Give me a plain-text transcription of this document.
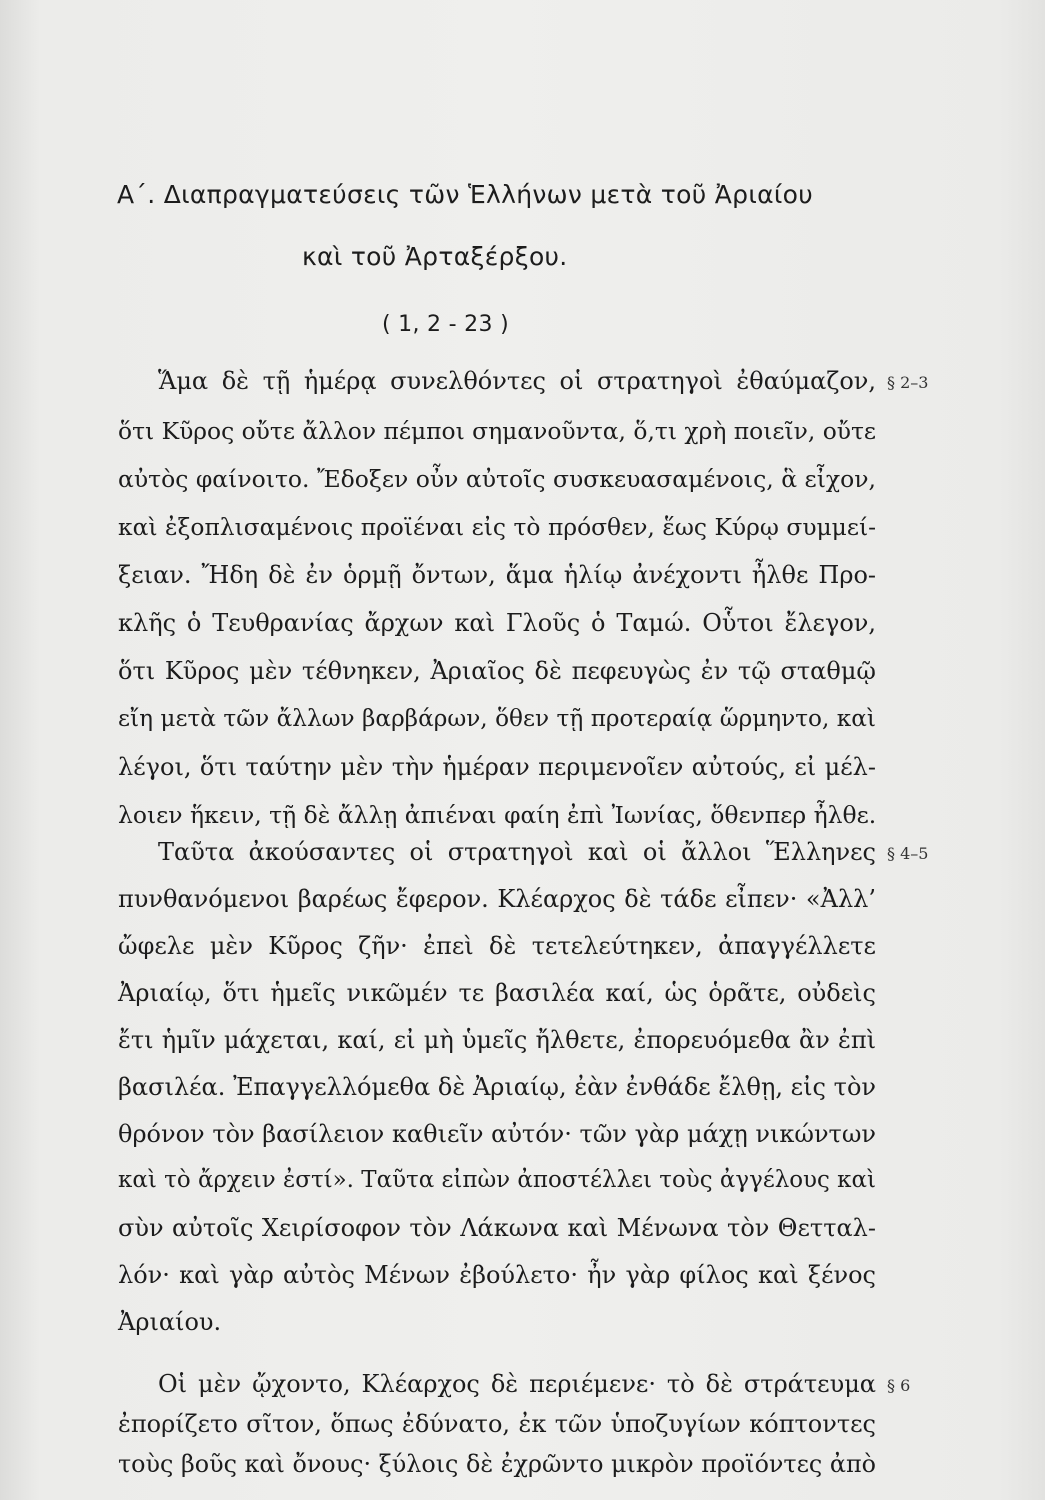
Α΄. Διαπραγματεύσεις τῶν Ἑλλήνων μετὰ τοῦ Ἀριαίου
καὶ τοῦ Ἀρταξέρξου.
( 1, 2 - 23 )
Ἅμα δὲ τῇ ἡμέρᾳ συνελθόντες οἱ στρατηγοὶ ἐθαύμαζον,
ὅτι Κῦρος οὔτε ἄλλον πέμποι σημανοῦντα, ὅ,τι χρὴ ποιεῖν, οὔτε
αὐτὸς φαίνοιτο. Ἔδοξεν οὖν αὐτοῖς συσκευασαμένοις, ἃ εἶχον,
καὶ ἐξοπλισαμένοις προϊέναι εἰς τὸ πρόσθεν, ἕως Κύρῳ συμμεί-
ξειαν. Ἤδη δὲ ἐν ὁρμῇ ὄντων, ἅμα ἡλίῳ ἀνέχοντι ἦλθε Προ-
κλῆς ὁ Τευθρανίας ἄρχων καὶ Γλοῦς ὁ Ταμώ. Οὗτοι ἔλεγον,
ὅτι Κῦρος μὲν τέθνηκεν, Ἀριαῖος δὲ πεφευγὼς ἐν τῷ σταθμῷ
εἴη μετὰ τῶν ἄλλων βαρβάρων, ὅθεν τῇ προτεραίᾳ ὥρμηντο, καὶ
λέγοι, ὅτι ταύτην μὲν τὴν ἡμέραν περιμενοῖεν αὐτούς, εἰ μέλ-
λοιεν ἥκειν, τῇ δὲ ἄλλῃ ἀπιέναι φαίη ἐπὶ Ἰωνίας, ὅθενπερ ἦλθε.
Ταῦτα ἀκούσαντες οἱ στρατηγοὶ καὶ οἱ ἄλλοι Ἕλληνες
πυνθανόμενοι βαρέως ἔφερον. Κλέαρχος δὲ τάδε εἶπεν· «Ἀλλ’
ὤφελε μὲν Κῦρος ζῆν· ἐπεὶ δὲ τετελεύτηκεν, ἀπαγγέλλετε
Ἀριαίῳ, ὅτι ἡμεῖς νικῶμέν τε βασιλέα καί, ὡς ὁρᾶτε, οὐδεὶς
ἔτι ἡμῖν μάχεται, καί, εἰ μὴ ὑμεῖς ἤλθετε, ἐπορευόμεθα ἂν ἐπὶ
βασιλέα. Ἐπαγγελλόμεθα δὲ Ἀριαίῳ, ἐὰν ἐνθάδε ἔλθῃ, εἰς τὸν
θρόνον τὸν βασίλειον καθιεῖν αὐτόν· τῶν γὰρ μάχῃ νικώντων
καὶ τὸ ἄρχειν ἐστί». Ταῦτα εἰπὼν ἀποστέλλει τοὺς ἀγγέλους καὶ
σὺν αὐτοῖς Χειρίσοφον τὸν Λάκωνα καὶ Μένωνα τὸν Θετταλ-
λόν· καὶ γὰρ αὐτὸς Μένων ἐβούλετο· ἦν γὰρ φίλος καὶ ξένος
Ἀριαίου.
Οἱ μὲν ᾤχοντο, Κλέαρχος δὲ περιέμενε· τὸ δὲ στράτευμα
ἐπορίζετο σῖτον, ὅπως ἐδύνατο, ἐκ τῶν ὑποζυγίων κόπτοντες
τοὺς βοῦς καὶ ὄνους· ξύλοις δὲ ἐχρῶντο μικρὸν προϊόντες ἀπὸ
§ 2–3
§ 4–5
§ 6
